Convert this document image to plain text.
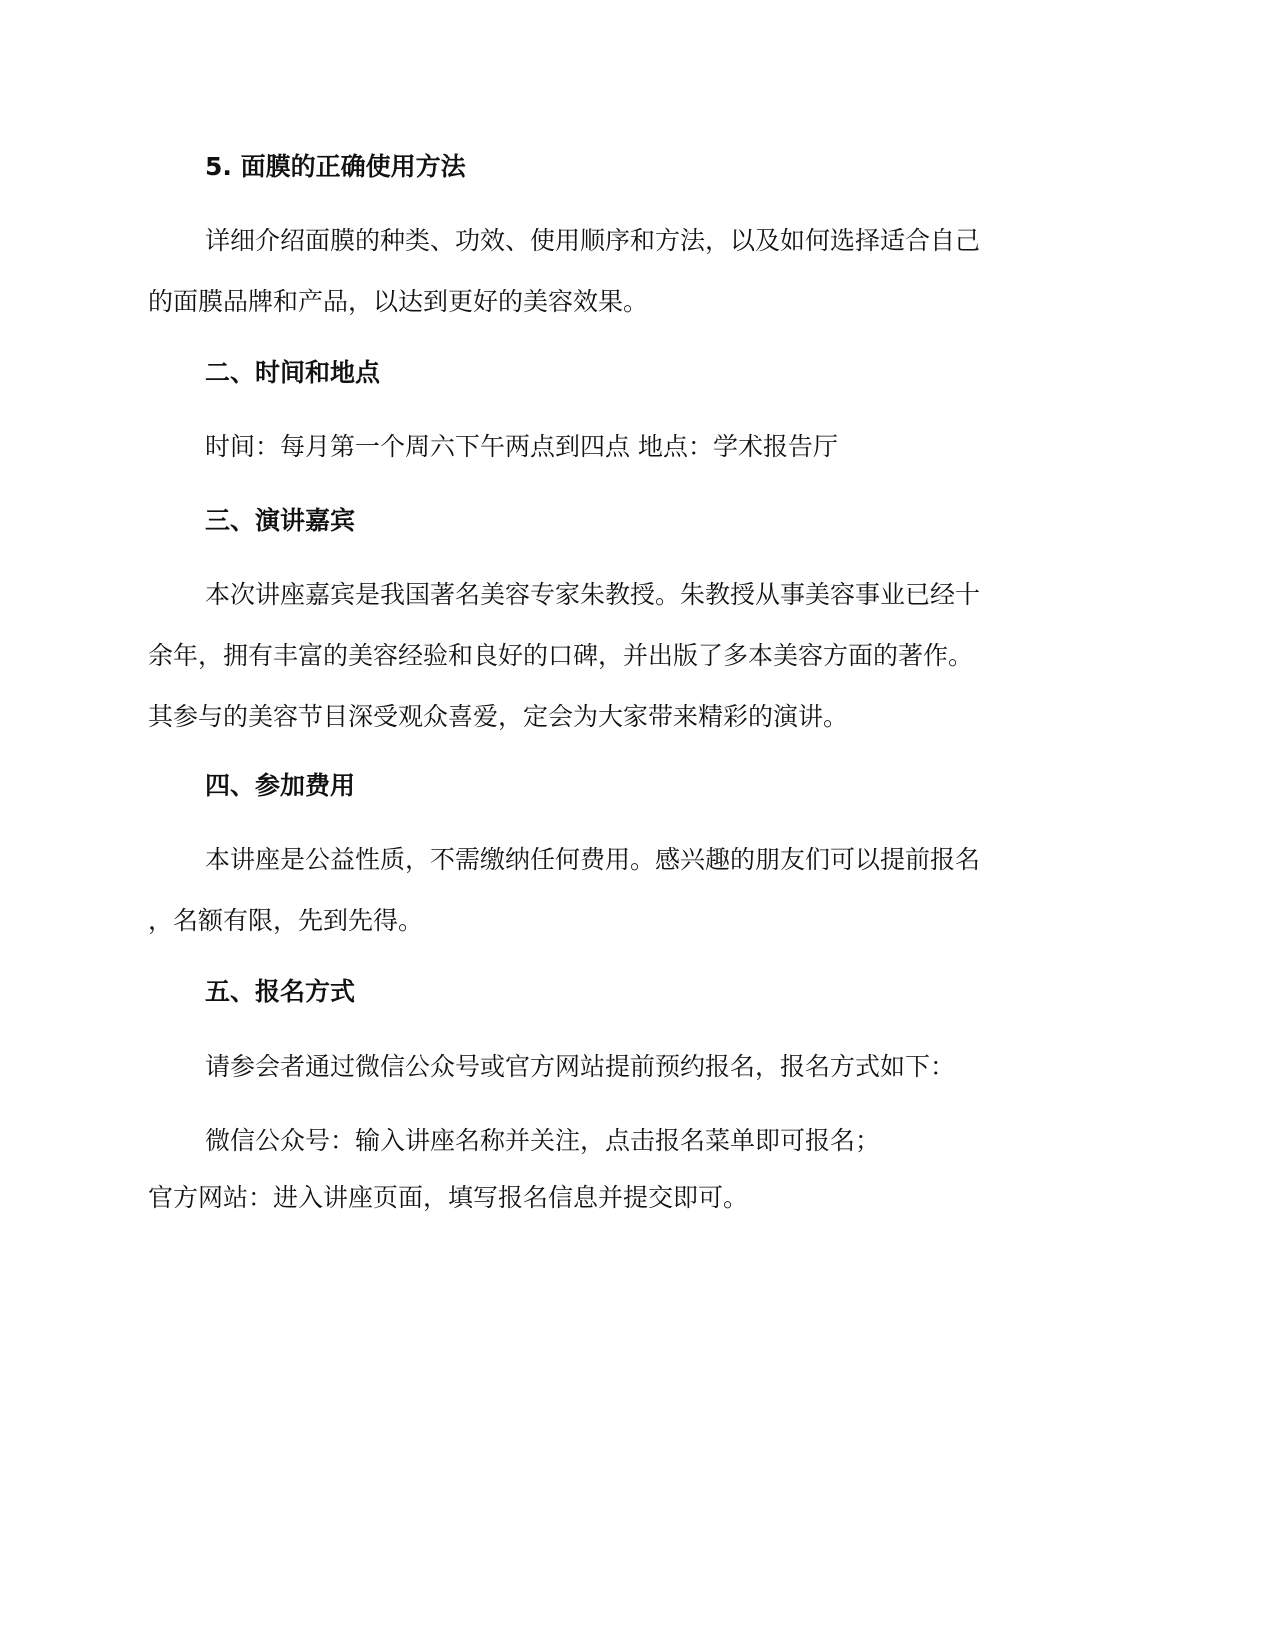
5. 面膜的正确使用方法
详细介绍面膜的种类、功效、使用顺序和方法，以及如何选择适合自己
的面膜品牌和产品，以达到更好的美容效果。
二、时间和地点
时间：每月第一个周六下午两点到四点 地点：学术报告厅
三、演讲嘉宾
本次讲座嘉宾是我国著名美容专家朱教授。朱教授从事美容事业已经十
余年，拥有丰富的美容经验和良好的口碑，并出版了多本美容方面的著作。
其参与的美容节目深受观众喜爱，定会为大家带来精彩的演讲。
四、参加费用
本讲座是公益性质，不需缴纳任何费用。感兴趣的朋友们可以提前报名
，名额有限，先到先得。
五、报名方式
请参会者通过微信公众号或官方网站提前预约报名，报名方式如下：
微信公众号：输入讲座名称并关注，点击报名菜单即可报名；
官方网站：进入讲座页面，填写报名信息并提交即可。
